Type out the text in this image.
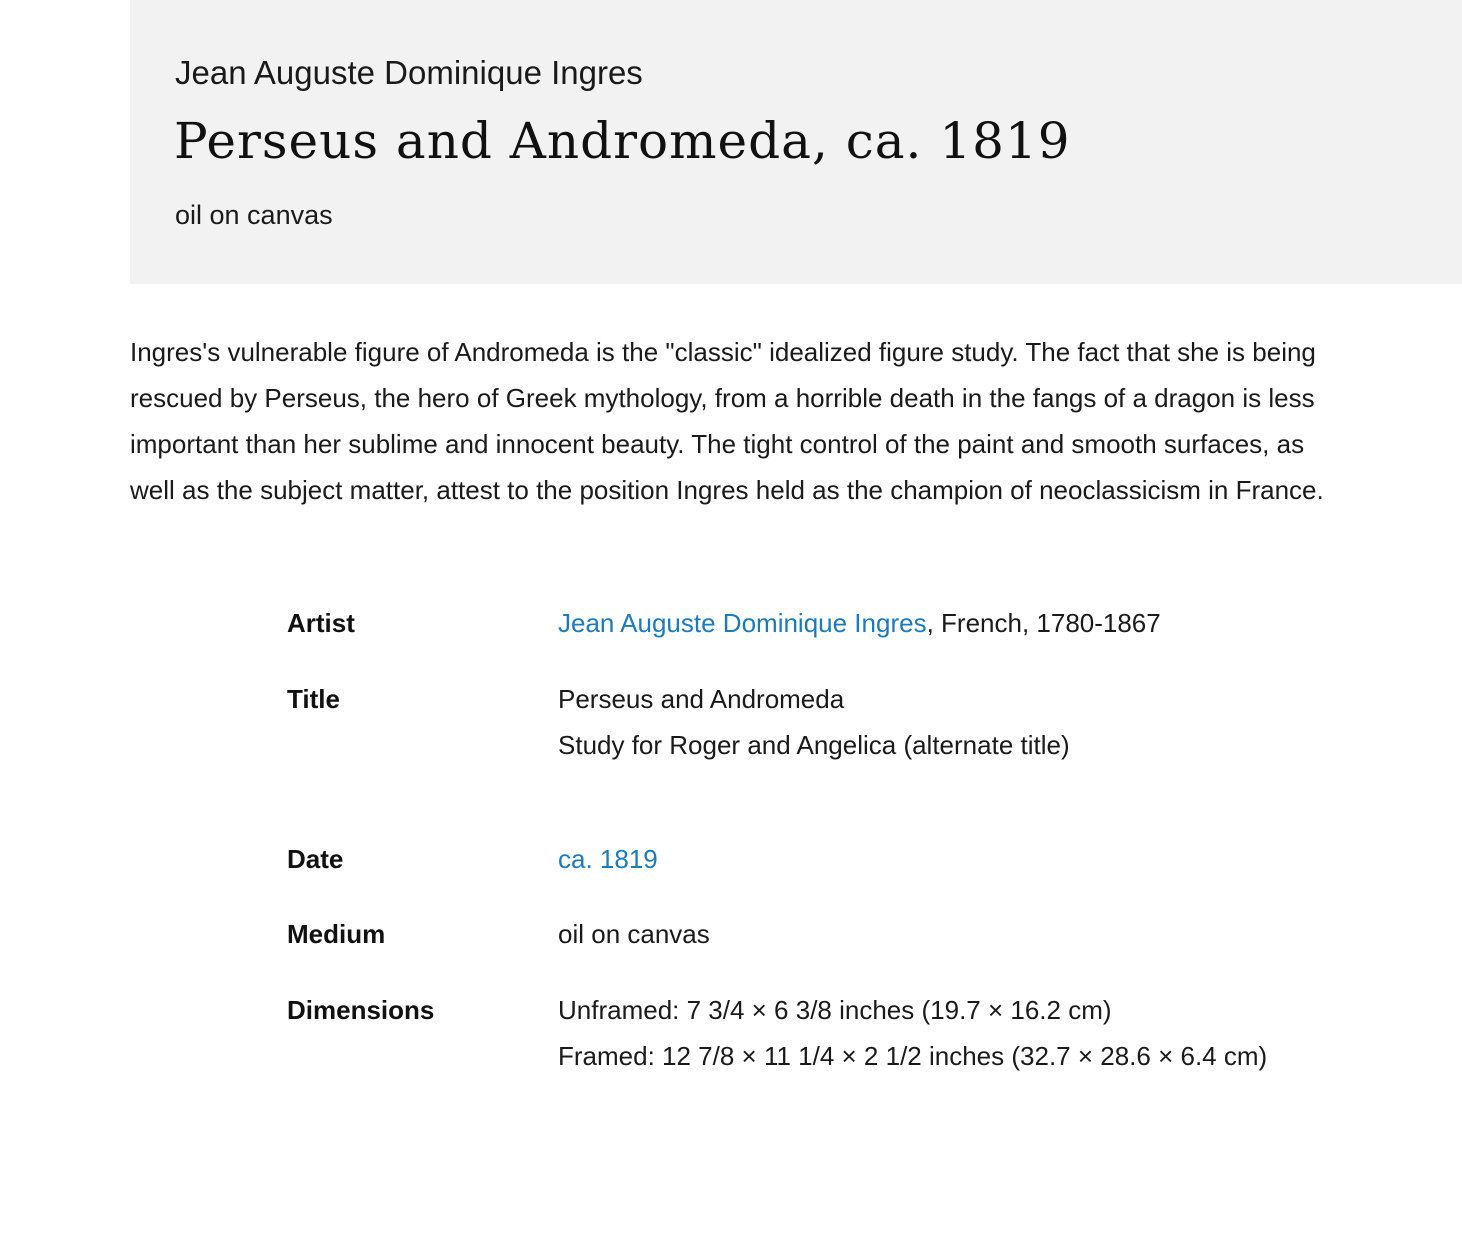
Jean Auguste Dominique Ingres
Perseus and Andromeda, ca. 1819

oil on canvas

Ingres's vulnerable figure of Andromeda is the "classic" idealized figure study. The fact that she is being rescued by Perseus, the hero of Greek mythology, from a horrible death in the fangs of a dragon is less important than her sublime and innocent beauty. The tight control of the paint and smooth surfaces, as well as the subject matter, attest to the position Ingres held as the champion of neoclassicism in France.

Artist	Jean Auguste Dominique Ingres, French, 1780-1867
Title	Perseus and Andromeda
Study for Roger and Angelica (alternate title)
Date	ca. 1819
Medium	oil on canvas
Dimensions	Unframed: 7 3/4 × 6 3/8 inches (19.7 × 16.2 cm)
Framed: 12 7/8 × 11 1/4 × 2 1/2 inches (32.7 × 28.6 × 6.4 cm)
